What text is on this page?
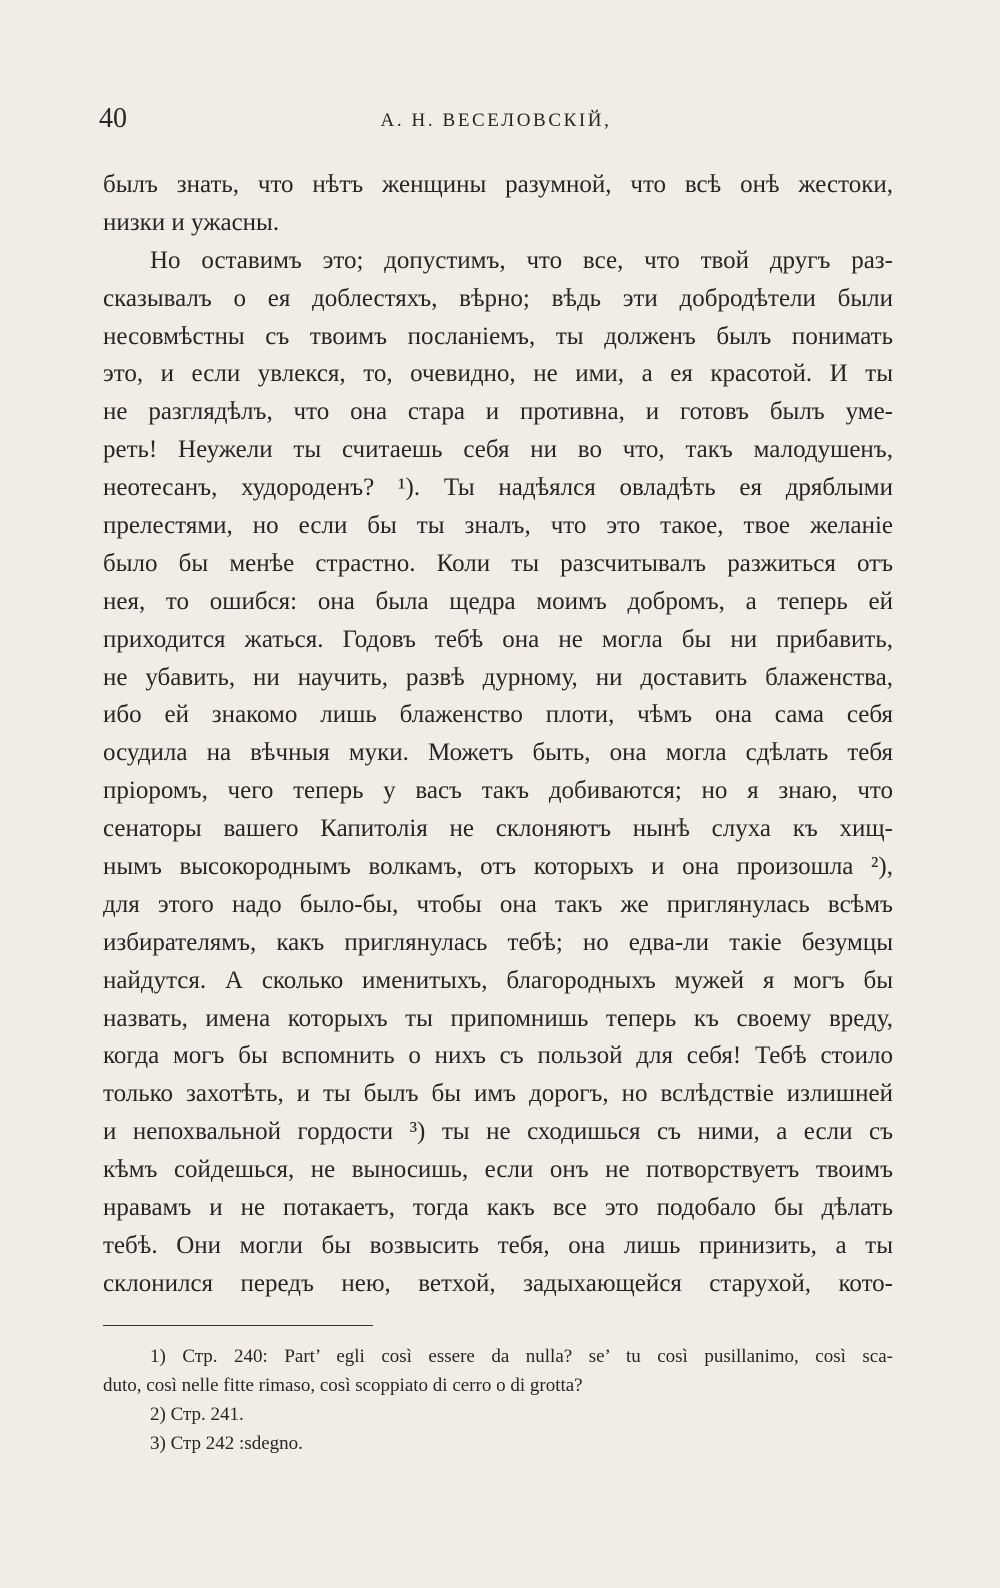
40	А. Н. ВЕСЕЛОВСКІЙ,
былъ знать, что нѣтъ женщины разумной, что всѣ онѣ жестоки,
низки и ужасны.
Но оставимъ это; допустимъ, что все, что твой другъ раз-
сказывалъ о ея доблестяхъ, вѣрно; вѣдь эти добродѣтели были
несовмѣстны съ твоимъ посланіемъ, ты долженъ былъ понимать
это, и если увлекся, то, очевидно, не ими, а ея красотой. И ты
не разглядѣлъ, что она стара и противна, и готовъ былъ уме-
реть! Неужели ты считаешь себя ни во что, такъ малодушенъ,
неотесанъ, худороденъ? ¹). Ты надѣялся овладѣть ея дряблыми
прелестями, но если бы ты зналъ, что это такое, твое желаніе
было бы менѣе страстно. Коли ты разсчитывалъ разжиться отъ
нея, то ошибся: она была щедра моимъ добромъ, а теперь ей
приходится жаться. Годовъ тебѣ она не могла бы ни прибавить,
не убавить, ни научить, развѣ дурному, ни доставить блаженства,
ибо ей знакомо лишь блаженство плоти, чѣмъ она сама себя
осудила на вѣчныя муки. Можетъ быть, она могла сдѣлать тебя
пріоромъ, чего теперь у васъ такъ добиваются; но я знаю, что
сенаторы вашего Капитолія не склоняютъ нынѣ слуха къ хищ-
нымъ высокороднымъ волкамъ, отъ которыхъ и она произошла ²),
для этого надо было-бы, чтобы она такъ же приглянулась всѣмъ
избирателямъ, какъ приглянулась тебѣ; но едва-ли такіе безумцы
найдутся. А сколько именитыхъ, благородныхъ мужей я могъ бы
назвать, имена которыхъ ты припомнишь теперь къ своему вреду,
когда могъ бы вспомнить о нихъ съ пользой для себя! Тебѣ стоило
только захотѣть, и ты былъ бы имъ дорогъ, но вслѣдствіе излишней
и непохвальной гордости ³) ты не сходишься съ ними, а если съ
кѣмъ сойдешься, не выносишь, если онъ не потворствуетъ твоимъ
нравамъ и не потакаетъ, тогда какъ все это подобало бы дѣлать
тебѣ. Они могли бы возвысить тебя, она лишь принизить, а ты
склонился передъ нею, ветхой, задыхающейся старухой, кото-
1) Стр. 240: Part’ egli così essere da nulla? se’ tu così pusillanimo, così sca-
duto, così nelle fitte rimaso, così scoppiato di cerro o di grotta?
2) Стр. 241.
3) Стр 242 :sdegno.
